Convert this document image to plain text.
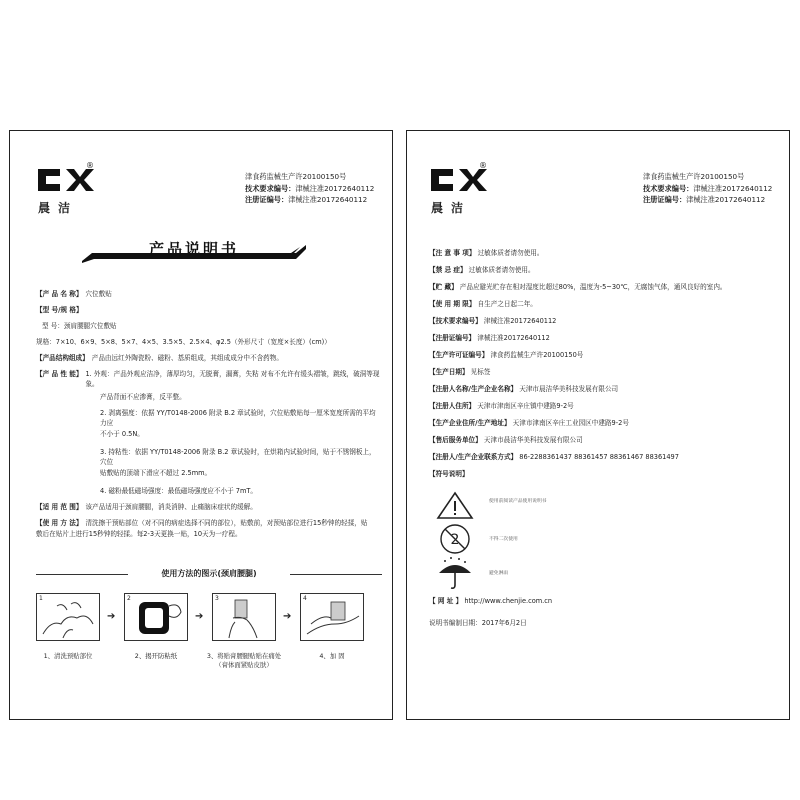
®
晨洁
津食药监械生产许20100150号
技术要求编号：津械注准20172640112
注册证编号：津械注准20172640112
产品说明书
【产 品 名 称】 穴位敷贴
【型 号/规 格】
型 号：颈肩腰腿穴位敷贴
规格：7×10、6×9、5×8、5×7、4×5、3.5×5、2.5×4、φ2.5（外形尺寸（宽度×长度）(cm)）
【产品结构组成】 产品由远红外陶瓷粉、磁粉、基质组成，其组成成分中不含药物。
【产 品 性 能】 1. 外观：产品外观应洁净，薄厚均匀，无脱膏，漏膏，失粘 对布不允许有缓头褶皱，跳线，破洞等现象。
产品背面不应渗膏，反平整。
2. 剥离强度：依据 YY/T0148-2006 附录 B.2 章试验时，穴位贴敷贴每一厘米宽度所需的平均力应
不小于 0.5N。
3. 持粘性：依据 YY/T0148-2006 附录 B.2 章试验时，在烘箱内试验时间，贴于不锈钢板上，穴位
贴敷贴的顶端下滑应不超过 2.5mm。
4. 磁粉最低磁场强度：最低磁场强度应不小于 7mT。
【适 用 范 围】 该产品适用于颈肩腰腿，消炎消肿、止痛脑床症状的缓解。
【使 用 方 法】 清洗擦干预贴部位（对不同的病症选择不同的部位），贴敷前，对预贴部位进行15秒钟的轻揉，贴
敷后在贴片上进行15秒钟的轻揉。每2-3天更换一贴，10天为一疗程。
使用方法的图示(颈肩腰腿)
1
➔
2
➔
3
➔
4
1、清洗预贴部位	2、揭开防粘纸	3、将贴膏腰腿贴贴在痛处
（膏体面紧贴皮肤）
4、加 固
®
晨洁
津食药监械生产许20100150号
技术要求编号：津械注准20172640112
注册证编号：津械注准20172640112
【注 意 事 项】 过敏体质者请勿使用。
【禁 忌 症】 过敏体质者请勿使用。
【贮 藏】 产品应避光贮存在相对湿度比超过80%，温度为-5~30℃，无腐蚀气体，通风良好的室内。
【使 用 期 限】 自生产之日起二年。
【技术要求编号】 津械注准20172640112
【注册证编号】 津械注准20172640112
【生产许可证编号】 津食药监械生产许20100150号
【生产日期】 见标签
【注册人名称/生产企业名称】 天津市晨洁华美科技发展有限公司
【注册人住所】 天津市津南区辛庄镇中建路9-2号
【生产企业住所/生产地址】 天津市津南区辛庄工业园区中建路9-2号
【售后服务单位】 天津市晨洁华美科技发展有限公司
【注册人/生产企业联系方式】 86-2288361437 88361457 88361467 88361497
【符号说明】
使用前阅读产品使用说明书
2	不得二次使用
避免淋雨
【 网 址 】 http://www.chenjie.com.cn
说明书编制日期：2017年6月2日
